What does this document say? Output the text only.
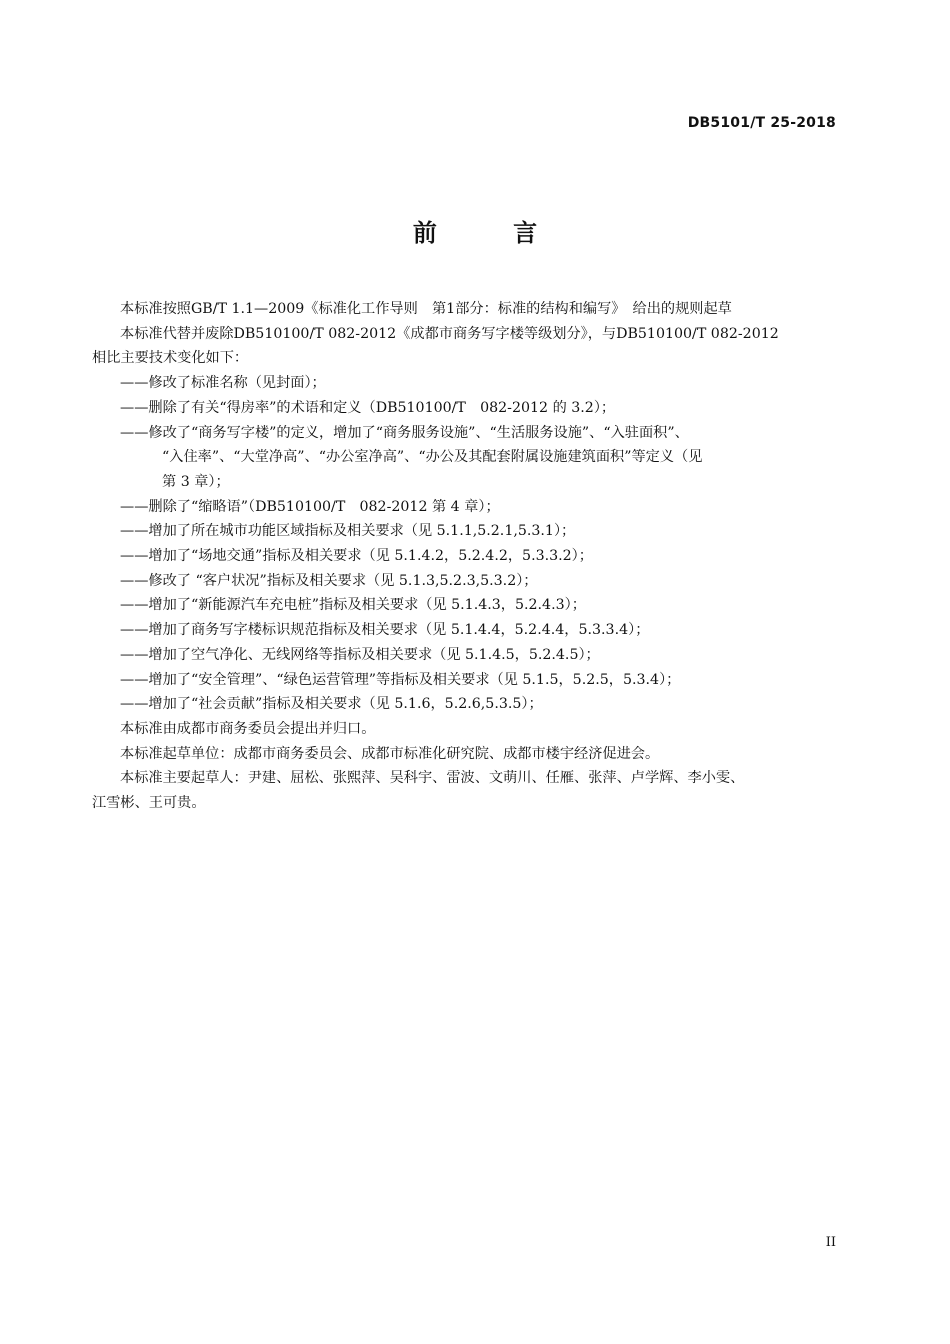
DB5101/T 25-2018
前 言
本标准按照GB/T 1.1—2009《标准化工作导则　第1部分：标准的结构和编写》　给出的规则起草
本标准代替并废除DB510100/T 082-2012《成都市商务写字楼等级划分》，与DB510100/T 082-2012
相比主要技术变化如下：
——修改了标准名称（见封面）；
——删除了有关“得房率”的术语和定义（DB510100/T　082-2012 的 3.2）；
——修改了“商务写字楼”的定义，增加了“商务服务设施”、“生活服务设施”、“入驻面积”、
“入住率”、“大堂净高”、“办公室净高”、“办公及其配套附属设施建筑面积”等定义（见
第 3 章）；
——删除了“缩略语”（DB510100/T　082-2012 第 4 章）；
——增加了所在城市功能区域指标及相关要求（见 5.1.1,5.2.1,5.3.1）；
——增加了“场地交通”指标及相关要求（见 5.1.4.2，5.2.4.2，5.3.3.2）；
——修改了 “客户状况”指标及相关要求（见 5.1.3,5.2.3,5.3.2）；
——增加了“新能源汽车充电桩”指标及相关要求（见 5.1.4.3，5.2.4.3）；
——增加了商务写字楼标识规范指标及相关要求（见 5.1.4.4，5.2.4.4，5.3.3.4）；
——增加了空气净化、无线网络等指标及相关要求（见 5.1.4.5，5.2.4.5）；
——增加了“安全管理”、“绿色运营管理”等指标及相关要求（见 5.1.5，5.2.5，5.3.4）；
——增加了“社会贡献”指标及相关要求（见 5.1.6，5.2.6,5.3.5）；
本标准由成都市商务委员会提出并归口。
本标准起草单位：成都市商务委员会、成都市标准化研究院、成都市楼宇经济促进会。
本标准主要起草人：尹建、屈松、张熙萍、吴科宇、雷波、文萌川、任雁、张萍、卢学辉、李小雯、
江雪彬、王可贵。
II
